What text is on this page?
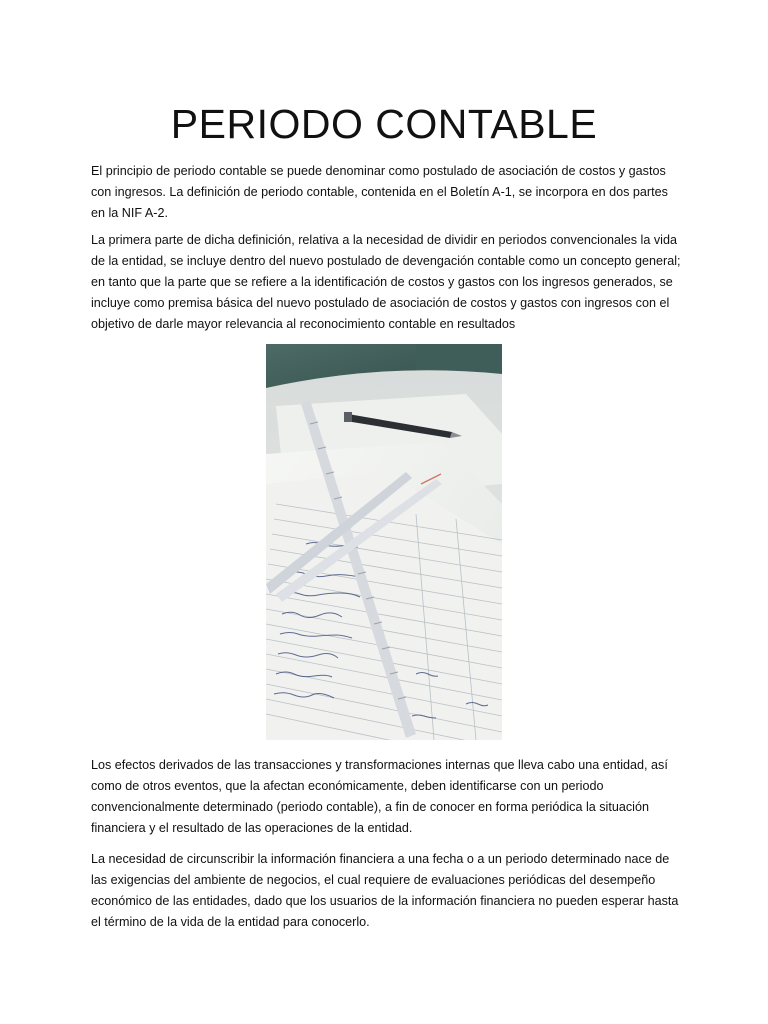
PERIODO CONTABLE

El principio de periodo contable se puede denominar como postulado de asociación de costos y gastos con ingresos. La definición de periodo contable, contenida en el Boletín A-1, se incorpora en dos partes en la NIF A-2.

La primera parte de dicha definición, relativa a la necesidad de dividir en periodos convencionales la vida de la entidad, se incluye dentro del nuevo postulado de devengación contable como un concepto general; en tanto que la parte que se refiere a la identificación de costos y gastos con los ingresos generados, se incluye como premisa básica del nuevo postulado de asociación de costos y gastos con ingresos con el objetivo de darle mayor relevancia al reconocimiento contable en resultados

Los efectos derivados de las transacciones y transformaciones internas que lleva cabo una entidad, así como de otros eventos, que la afectan económicamente, deben identificarse con un periodo convencionalmente determinado (periodo contable), a fin de conocer en forma periódica la situación financiera y el resultado de las operaciones de la entidad.

La necesidad de circunscribir la información financiera a una fecha o a un periodo determinado nace de las exigencias del ambiente de negocios, el cual requiere de evaluaciones periódicas del desempeño económico de las entidades, dado que los usuarios de la información financiera no pueden esperar hasta el término de la vida de la entidad para conocerlo.
